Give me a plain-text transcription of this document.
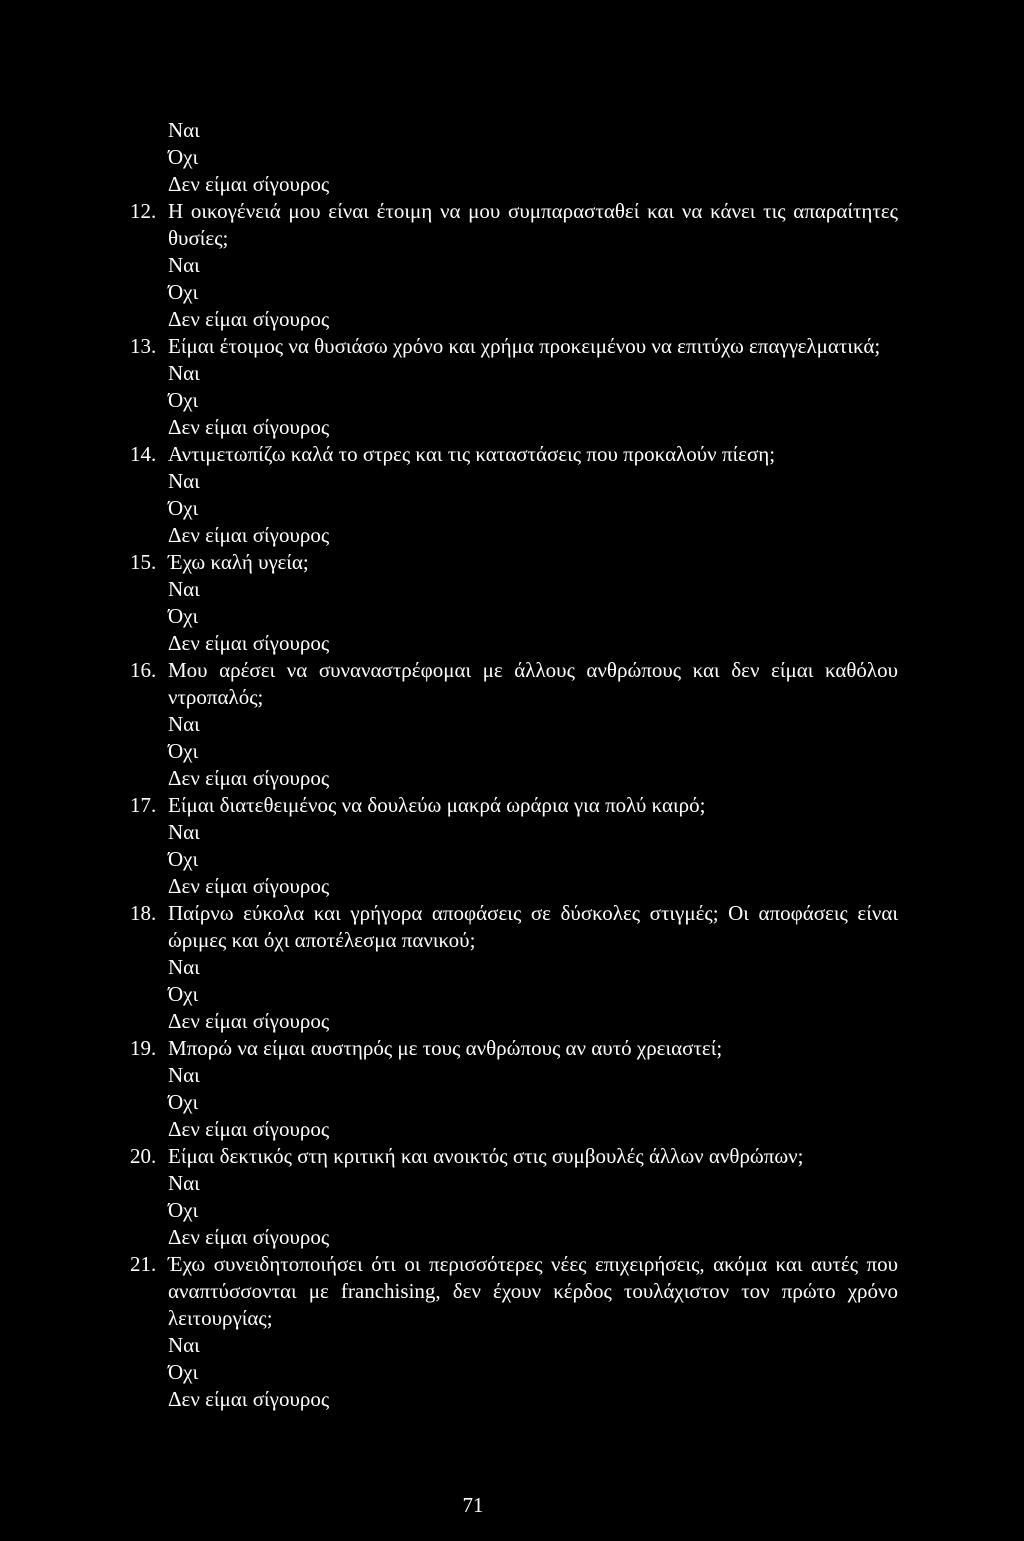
Ναι
Όχι
Δεν είμαι σίγουρος
12. Η οικογένειά μου είναι έτοιμη να μου συμπαρασταθεί και να κάνει τις απαραίτητες θυσίες;
Ναι
Όχι
Δεν είμαι σίγουρος
13. Είμαι έτοιμος να θυσιάσω χρόνο και χρήμα προκειμένου να επιτύχω επαγγελματικά;
Ναι
Όχι
Δεν είμαι σίγουρος
14. Αντιμετωπίζω καλά το στρες και τις καταστάσεις που προκαλούν πίεση;
Ναι
Όχι
Δεν είμαι σίγουρος
15. Έχω καλή υγεία;
Ναι
Όχι
Δεν είμαι σίγουρος
16. Μου αρέσει να συναναστρέφομαι με άλλους ανθρώπους και δεν είμαι καθόλου ντροπαλός;
Ναι
Όχι
Δεν είμαι σίγουρος
17. Είμαι διατεθειμένος να δουλεύω μακρά ωράρια για πολύ καιρό;
Ναι
Όχι
Δεν είμαι σίγουρος
18. Παίρνω εύκολα και γρήγορα αποφάσεις σε δύσκολες στιγμές; Οι αποφάσεις είναι ώριμες και όχι αποτέλεσμα πανικού;
Ναι
Όχι
Δεν είμαι σίγουρος
19. Μπορώ να είμαι αυστηρός με τους ανθρώπους αν αυτό χρειαστεί;
Ναι
Όχι
Δεν είμαι σίγουρος
20. Είμαι δεκτικός στη κριτική και ανοικτός στις συμβουλές άλλων ανθρώπων;
Ναι
Όχι
Δεν είμαι σίγουρος
21. Έχω συνειδητοποιήσει ότι οι περισσότερες νέες επιχειρήσεις, ακόμα και αυτές που αναπτύσσονται με franchising, δεν έχουν κέρδος τουλάχιστον τον πρώτο χρόνο λειτουργίας;
Ναι
Όχι
Δεν είμαι σίγουρος
71
